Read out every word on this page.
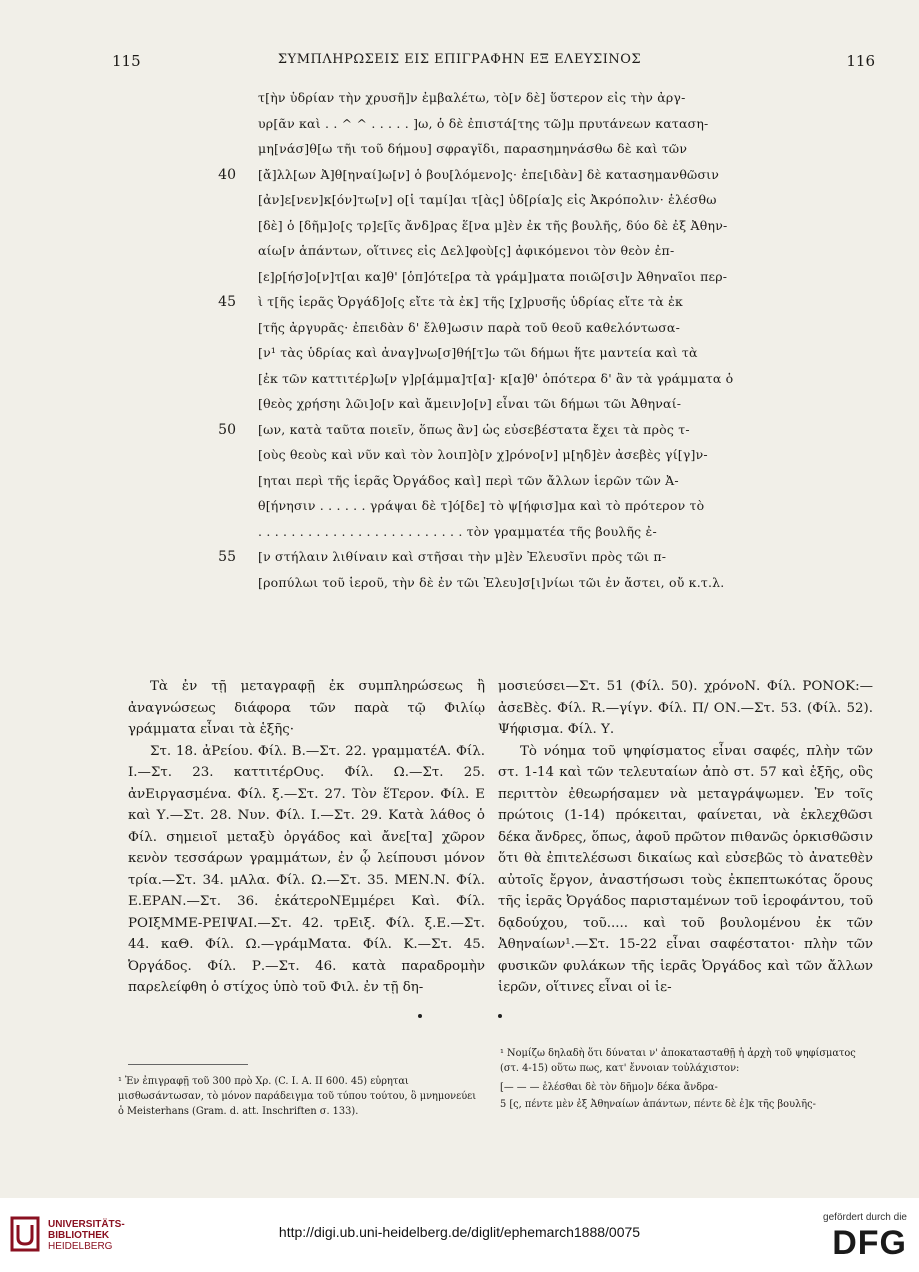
115	ΣΥΜΠΛΗΡΩΣΕΙΣ ΕΙΣ ΕΠΙΓΡΑΦΗΝ ΕΞ ΕΛΕΥΣΙΝΟΣ	116
τ[ὴν ὑδρίαν τὴν χρυσῆ]ν ἐμβαλέτω, τὸ[ν δὲ] ὕστερον εἰς τὴν ἀργ-
υρ[ᾶν καὶ . . ^ ^ . . . . . ]ω, ὁ δὲ ἐπιστά[της τῶ]μ πρυτάνεων καταση-
μη[νάσ]θ[ω τῆι τοῦ δήμου] σφραγῖδι, παρασημηνάσθω δὲ καὶ τῶν
40 [ἄ]λλ[ων Ἀ]θ[ηναί]ω[ν] ὁ βου[λόμενο]ς· ἐπε[ιδὰν] δὲ κατασημανθῶσιν
[ἀν]ε[νεν]κ[όν]τω[ν] ο[ἱ ταμί]αι τ[ὰς] ὑδ[ρία]ς εἰς Ἀκρόπολιν· ἑλέσθω
[δὲ] ὁ [δῆμ]ο[ς τρ]ε[ῖς ἄνδ]ρας ἕ[να μ]ὲν ἐκ τῆς βουλῆς, δύο δὲ ἐξ Ἀθην-
αίω[ν ἁπάντων, οἵτινες εἰς Δελ]φοὺ[ς] ἀφικόμενοι τὸν θεὸν ἐπ-
[ε]ρ[ήσ]ο[ν]τ[αι κα]θ' [ὁπ]ότε[ρα τὰ γράμ]ματα ποιῶ[σι]ν Ἀθηναῖοι περ-
45 ὶ τ[ῆς ἱερᾶς Ὀργάδ]ο[ς εἴτε τὰ ἐκ] τῆς [χ]ρυσῆς ὑδρίας εἴτε τὰ ἐκ
[τῆς ἀργυρᾶς· ἐπειδὰν δ' ἔλθ]ωσιν παρὰ τοῦ θεοῦ καθελόντωσα-
[ν¹ τὰς ὑδρίας καὶ ἀναγ]νω[σ]θή[τ]ω τῶι δήμωι ἥτε μαντεία καὶ τὰ
[ἐκ τῶν καττιτέρ]ω[ν γ]ρ[άμμα]τ[α]· κ[α]θ' ὁπότερα δ' ἂν τὰ γράμματα ὁ
[θεὸς χρήσηι λῶι]ο[ν καὶ ἄμειν]ο[ν] εἶναι τῶι δήμωι τῶι Ἀθηναί-
50 [ων, κατὰ ταῦτα ποιεῖν, ὅπως ἂν] ὡς εὐσεβέστατα ἔχει τὰ πρὸς τ-
[οὺς θεοὺς καὶ νῦν καὶ τὸν λοιπ]ὸ[ν χ]ρόνο[ν] μ[ηδ]ὲν ἀσεβὲς γί[γ]ν-
[ηται περὶ τῆς ἱερᾶς Ὀργάδος καὶ] περὶ τῶν ἄλλων ἱερῶν τῶν Ἀ-
θ[ήνησιν . . . . . . γράψαι δὲ τ]ό[δε] τὸ ψ[ήφισ]μα καὶ τὸ πρότερον τὸ
. . . . . . . . . . . . . . . . . . . . . . . . . τὸν γραμματέα τῆς βουλῆς ἐ-
55 [ν στήλαιν λιθίναιν καὶ στῆσαι τὴν μ]ὲν Ἐλευσῖνι πρὸς τῶι π-
[ροπύλωι τοῦ ἱεροῦ, τὴν δὲ ἐν τῶι Ἐλευ]σ[ι]νίωι τῶι ἐν ἄστει, οὔ κ.τ.λ.

Τὰ ἐν τῇ μεταγραφῇ ἐκ συμπληρώσεως ἢ ἀναγνώσεως διάφορα τῶν παρὰ τῷ Φιλίῳ γράμματα εἶναι τὰ ἑξῆς·

Στ. 18. ἀΡείου. Φίλ. Β.—Στ. 22. γραμματέΑ. Φίλ. Ι.—Στ. 23. καττιτέρΟυς. Φίλ. Ω.—Στ. 25. ἀνΕιργασμένα. Φίλ. ξ.—Στ. 27. Τὸν ἕΤερον. Φίλ. Ε καὶ Υ.—Στ. 28. Νυν. Φίλ. Ι.—Στ. 29. Κατὰ λάθος ὁ Φίλ. σημειοῖ μεταξὺ ὀργάδος καὶ ἄνε[τα] χῶρον κενὸν τεσσάρων γραμμάτων, ἐν ᾧ λείπουσι μόνον τρία.—Στ. 34. μΑλα. Φίλ. Ω.—Στ. 35. ΜΕΝ.Ν. Φίλ. Ε.ΕΡΑΝ.—Στ. 36. ἑκάτεροΝΕμμέρει Καὶ. Φίλ. ΡΟΙξΜΜΕ-ΡΕΙΨΑΙ.—Στ. 42. τρΕιξ. Φίλ. ξ.Ε.—Στ. 44. καΘ. Φίλ. Ω.—γράμΜατα. Φίλ. Κ.—Στ. 45. Ὀργάδος. Φίλ. Ρ.—Στ. 46. κατὰ παραδρομὴν παρελείφθη ὁ στίχος ὑπὸ τοῦ Φιλ. ἐν τῇ δη-

μοσιεύσει—Στ. 51 (Φίλ. 50). χρόνοΝ. Φίλ. ΡΟΝΟΚ:—ἀσεΒὲς. Φίλ. R.—γίγν. Φίλ. Π/ ΟΝ.—Στ. 53. (Φίλ. 52). Ψήφισμα. Φίλ. Υ.

Τὸ νόημα τοῦ ψηφίσματος εἶναι σαφές, πλὴν τῶν στ. 1-14 καὶ τῶν τελευταίων ἀπὸ στ. 57 καὶ ἑξῆς, οὓς περιττὸν ἐθεωρήσαμεν νὰ μεταγράψωμεν. Ἐν τοῖς πρώτοις (1-14) πρόκειται, φαίνεται, νὰ ἐκλεχθῶσι δέκα ἄνδρες, ὅπως, ἀφοῦ πρῶτον πιθανῶς ὁρκισθῶσιν ὅτι θὰ ἐπιτελέσωσι δικαίως καὶ εὐσεβῶς τὸ ἀνατεθὲν αὐτοῖς ἔργον, ἀναστήσωσι τοὺς ἐκπεπτωκότας ὅρους τῆς ἱερᾶς Ὀργάδος παρισταμένων τοῦ ἱεροφάντου, τοῦ δᾳδούχου, τοῦ..... καὶ τοῦ βουλομένου ἐκ τῶν Ἀθηναίων¹.—Στ. 15-22 εἶναι σαφέστατοι· πλὴν τῶν φυσικῶν φυλάκων τῆς ἱερᾶς Ὀργάδος καὶ τῶν ἄλλων ἱερῶν, οἵτινες εἶναι οἱ ἱε-

¹ Ἐν ἐπιγραφῇ τοῦ 300 πρὸ Χρ. (C. I. A. II 600. 45) εὑρηται μισθωσάντωσαν, τὸ μόνον παράδειγμα τοῦ τύπου τούτου, ὃ μνημονεύει ὁ Meisterhans (Gram. d. att. Inschriften σ. 133).
¹ Νομίζω δηλαδὴ ὅτι δύναται ν' ἀποκατασταθῇ ἡ ἀρχὴ τοῦ ψηφίσματος (στ. 4-15) οὕτω πως, κατ' ἔννοιαν τοὐλάχιστον:
[— — — ἑλέσθαι δὲ τὸν δῆμο]ν δέκα ἄνδρα-
5 [ς, πέντε μὲν ἐξ Ἀθηναίων ἁπάντων, πέντε δὲ ἐ]κ τῆς βουλῆς-
UNIVERSITÄTS-
BIBLIOTHEK
HEIDELBERG
http://digi.ub.uni-heidelberg.de/diglit/ephemarch1888/0075
gefördert durch die
DFG
